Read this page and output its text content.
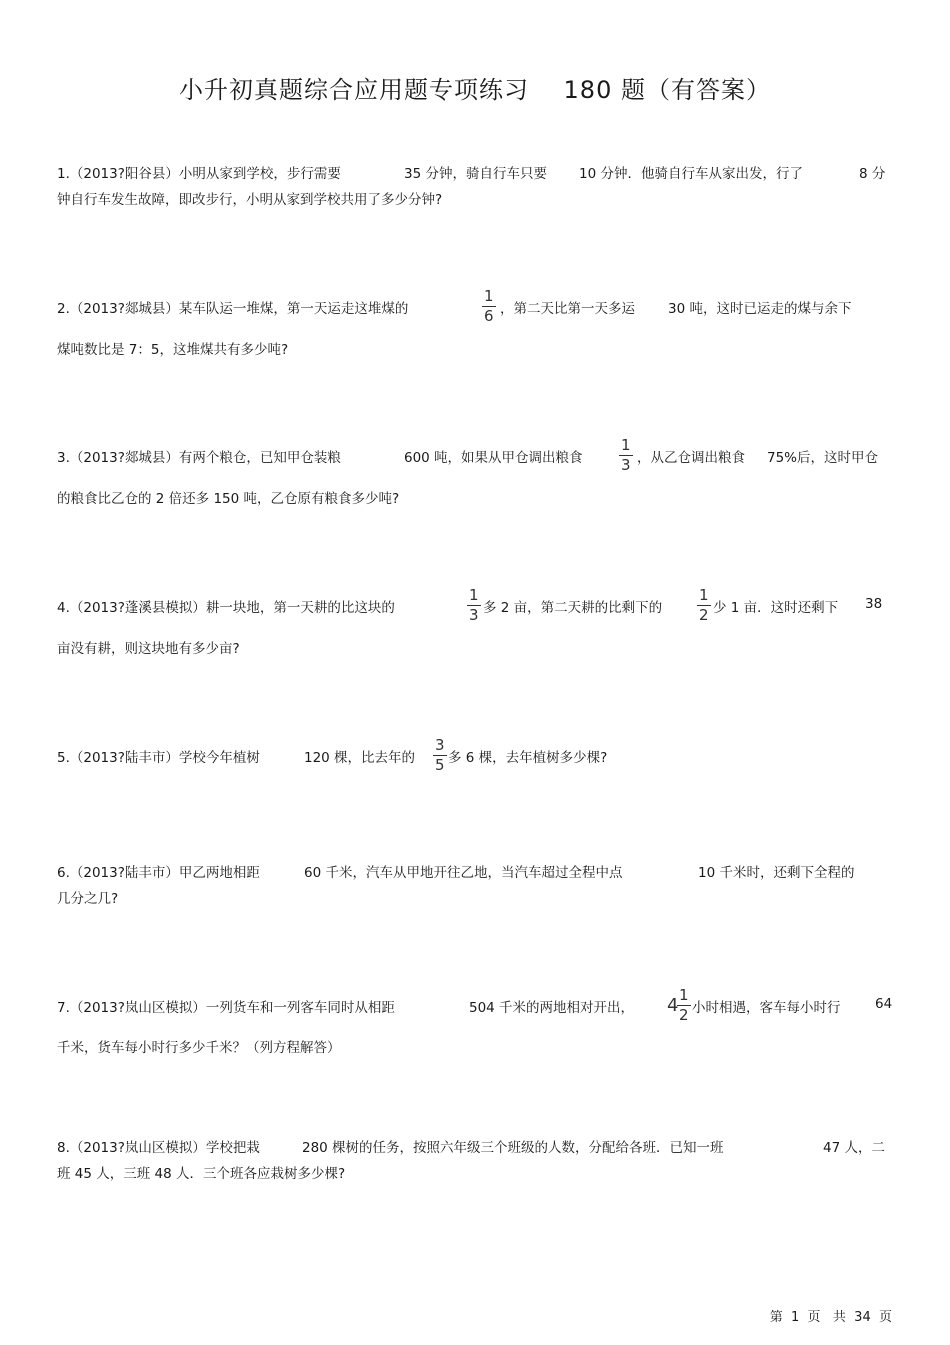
小升初真题综合应用题专项练习    180 题（有答案）
1.（2013?阳谷县）小明从家到学校，步行需要	35 分钟，骑自行车只要 10 分钟．他骑自行车从家出发，行了	8 分
钟自行车发生故障，即改步行，小明从家到学校共用了多少分钟?
2.（2013?郯城县）某车队运一堆煤，第一天运走这堆煤的
1
6 ，第二天比第一天多运 30 吨，这时已运走的煤与余下
煤吨数比是 7：5，这堆煤共有多少吨?
3.（2013?郯城县）有两个粮仓，已知甲仓装粮	600 吨，如果从甲仓调出粮食
1
3 ，从乙仓调出粮食 75%后，这时甲仓
的粮食比乙仓的 2 倍还多 150 吨，乙仓原有粮食多少吨?
4.（2013?蓬溪县模拟）耕一块地，第一天耕的比这块的
1
3 多 2 亩，第二天耕的比剩下的
1
2 少 1 亩．这时还剩下 38
亩没有耕，则这块地有多少亩?
5.（2013?陆丰市）学校今年植树	120 棵，比去年的
3
5 多 6 棵，去年植树多少棵?
6.（2013?陆丰市）甲乙两地相距	60 千米，汽车从甲地开往乙地，当汽车超过全程中点	10 千米时，还剩下全程的
几分之几?
7.（2013?岚山区模拟）一列货车和一列客车同时从相距	504 千米的两地相对开出， 4 1
2 小时相遇，客车每小时行	64
千米，货车每小时行多少千米？（列方程解答）
8.（2013?岚山区模拟）学校把栽	280 棵树的任务，按照六年级三个班级的人数，分配给各班．已知一班	47 人，二
班 45 人，三班 48 人．三个班各应栽树多少棵?
第  1  页   共  34  页
